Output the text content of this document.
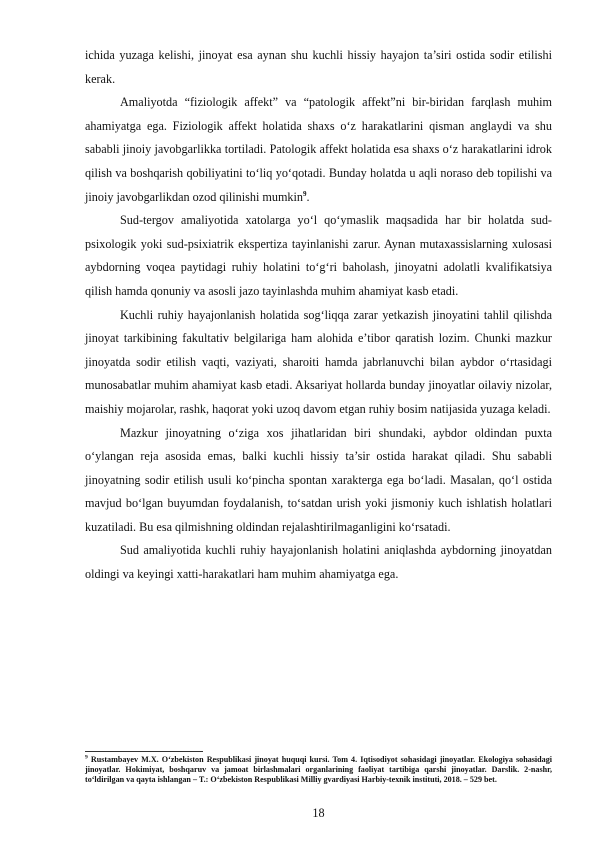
ichida yuzaga kelishi, jinoyat esa aynan shu kuchli hissiy hayajon ta’siri ostida sodir etilishi kerak.

Amaliyotda “fiziologik affekt” va “patologik affekt”ni bir-biridan farqlash muhim ahamiyatga ega. Fiziologik affekt holatida shaxs o‘z harakatlarini qisman anglaydi va shu sababli jinoiy javobgarlikka tortiladi. Patologik affekt holatida esa shaxs o‘z harakatlarini idrok qilish va boshqarish qobiliyatini to‘liq yo‘qotadi. Bunday holatda u aqli noraso deb topilishi va jinoiy javobgarlikdan ozod qilinishi mumkin$^9$.

Sud-tergov amaliyotida xatolarga yo‘l qo‘ymaslik maqsadida har bir holatda sud-psixologik yoki sud-psixiatrik ekspertiza tayinlanishi zarur. Aynan mutaxassislarning xulosasi aybdorning voqea paytidagi ruhiy holatini to‘g‘ri baholash, jinoyatni adolatli kvalifikatsiya qilish hamda qonuniy va asosli jazo tayinlashda muhim ahamiyat kasb etadi.

Kuchli ruhiy hayajonlanish holatida sog‘liqqa zarar yetkazish jinoyatini tahlil qilishda jinoyat tarkibining fakultativ belgilariga ham alohida e’tibor qaratish lozim. Chunki mazkur jinoyatda sodir etilish vaqti, vaziyati, sharoiti hamda jabrlanuvchi bilan aybdor o‘rtasidagi munosabatlar muhim ahamiyat kasb etadi. Aksariyat hollarda bunday jinoyatlar oilaviy nizolar, maishiy mojarolar, rashk, haqorat yoki uzoq davom etgan ruhiy bosim natijasida yuzaga keladi.

Mazkur jinoyatning o‘ziga xos jihatlaridan biri shundaki, aybdor oldindan puxta o‘ylangan reja asosida emas, balki kuchli hissiy ta’sir ostida harakat qiladi. Shu sababli jinoyatning sodir etilish usuli ko‘pincha spontan xarakterga ega bo‘ladi. Masalan, qo‘l ostida mavjud bo‘lgan buyumdan foydalanish, to‘satdan urish yoki jismoniy kuch ishlatish holatlari kuzatiladi. Bu esa qilmishning oldindan rejalashtirilmaganligini ko‘rsatadi.

Sud amaliyotida kuchli ruhiy hayajonlanish holatini aniqlashda aybdorning jinoyatdan oldingi va keyingi xatti-harakatlari ham muhim ahamiyatga ega.

$^9$ Rustambayev M.X. O‘zbekiston Respublikasi jinoyat huquqi kursi. Tom 4. Iqtisodiyot sohasidagi jinoyatlar. Ekologiya sohasidagi jinoyatlar. Hokimiyat, boshqaruv va jamoat birlashmalari organlarining faoliyat tartibiga qarshi jinoyatlar. Darslik. 2-nashr, to‘ldirilgan va qayta ishlangan – T.: O‘zbekiston Respublikasi Milliy gvardiyasi Harbiy-texnik instituti, 2018. – 529 bet.

18
